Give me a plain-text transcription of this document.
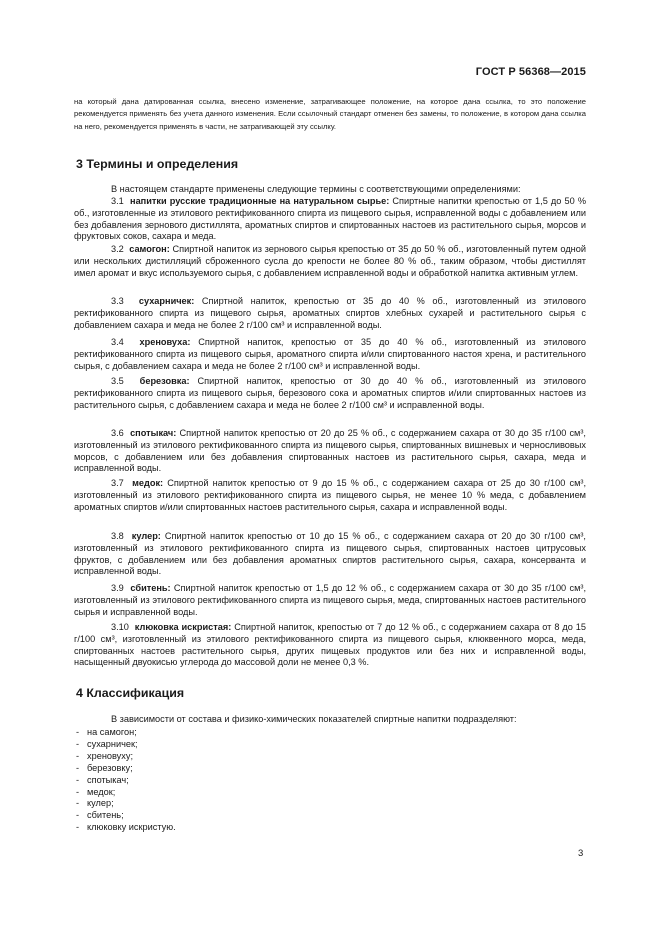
ГОСТ Р 56368—2015
на который дана датированная ссылка, внесено изменение, затрагивающее положение, на которое дана ссылка, то это положение рекомендуется применять без учета данного изменения. Если ссылочный стандарт отменен без замены, то положение, в котором дана ссылка на него, рекомендуется применять в части, не затрагивающей эту ссылку.
3 Термины и определения

В настоящем стандарте применены следующие термины с соответствующими определениями:

3.1 напитки русские традиционные на натуральном сырье: Спиртные напитки крепостью от 1,5 до 50 % об., изготовленные из этилового ректификованного спирта из пищевого сырья, исправленной воды с добавлением или без добавления зернового дистиллята, ароматных спиртов и спиртованных настоев из растительного сырья, морсов и фруктовых соков, сахара и меда.

3.2 самогон: Спиртной напиток из зернового сырья крепостью от 35 до 50 % об., изготовленный путем одной или нескольких дистилляций сброженного сусла до крепости не более 80 % об., таким образом, чтобы дистиллят имел аромат и вкус используемого сырья, с добавлением исправленной воды и обработкой напитка активным углем.

3.3 сухарничек: Спиртной напиток, крепостью от 35 до 40 % об., изготовленный из этилового ректификованного спирта из пищевого сырья, ароматных спиртов хлебных сухарей и растительного сырья с добавлением сахара и меда не более 2 г/100 см³ и исправленной воды.

3.4 хреновуха: Спиртной напиток, крепостью от 35 до 40 % об., изготовленный из этилового ректификованного спирта из пищевого сырья, ароматного спирта и/или спиртованного настоя хрена, и растительного сырья, с добавлением сахара и меда не более 2 г/100 см³ и исправленной воды.

3.5 березовка: Спиртной напиток, крепостью от 30 до 40 % об., изготовленный из этилового ректификованного спирта из пищевого сырья, березового сока и ароматных спиртов и/или спиртованных настоев из растительного сырья, с добавлением сахара и меда не более 2 г/100 см³ и исправленной воды.

3.6 спотыкач: Спиртной напиток крепостью от 20 до 25 % об., с содержанием сахара от 30 до 35 г/100 см³, изготовленный из этилового ректификованного спирта из пищевого сырья, спиртованных вишневых и черносливовых морсов, с добавлением или без добавления спиртованных настоев из растительного сырья, сахара, меда и исправленной воды.

3.7 медок: Спиртной напиток крепостью от 9 до 15 % об., с содержанием сахара от 25 до 30 г/100 см³, изготовленный из этилового ректификованного спирта из пищевого сырья, не менее 10 % меда, с добавлением ароматных спиртов и/или спиртованных настоев растительного сырья, сахара и исправленной воды.

3.8 кулер: Спиртной напиток крепостью от 10 до 15 % об., с содержанием сахара от 20 до 30 г/100 см³, изготовленный из этилового ректификованного спирта из пищевого сырья, спиртованных настоев цитрусовых фруктов, с добавлением или без добавления ароматных спиртов растительного сырья, сахара, консерванта и исправленной воды.

3.9 сбитень: Спиртной напиток крепостью от 1,5 до 12 % об., с содержанием сахара от 30 до 35 г/100 см³, изготовленный из этилового ректификованного спирта из пищевого сырья, меда, спиртованных настоев растительного сырья и исправленной воды.

3.10 клюковка искристая: Спиртной напиток, крепостью от 7 до 12 % об., с содержанием сахара от 8 до 15 г/100 см³, изготовленный из этилового ректификованного спирта из пищевого сырья, клюквенного морса, меда, спиртованных настоев растительного сырья, других пищевых продуктов или без них и исправленной воды, насыщенный двуокисью углерода до массовой доли не менее 0,3 %.

4 Классификация

В зависимости от состава и физико-химических показателей спиртные напитки подразделяют:

- на самогон;
- сухарничек;
- хреновуху;
- березовку;
- спотыкач;
- медок;
- кулер;
- сбитень;
- клюковку искристую.
3
